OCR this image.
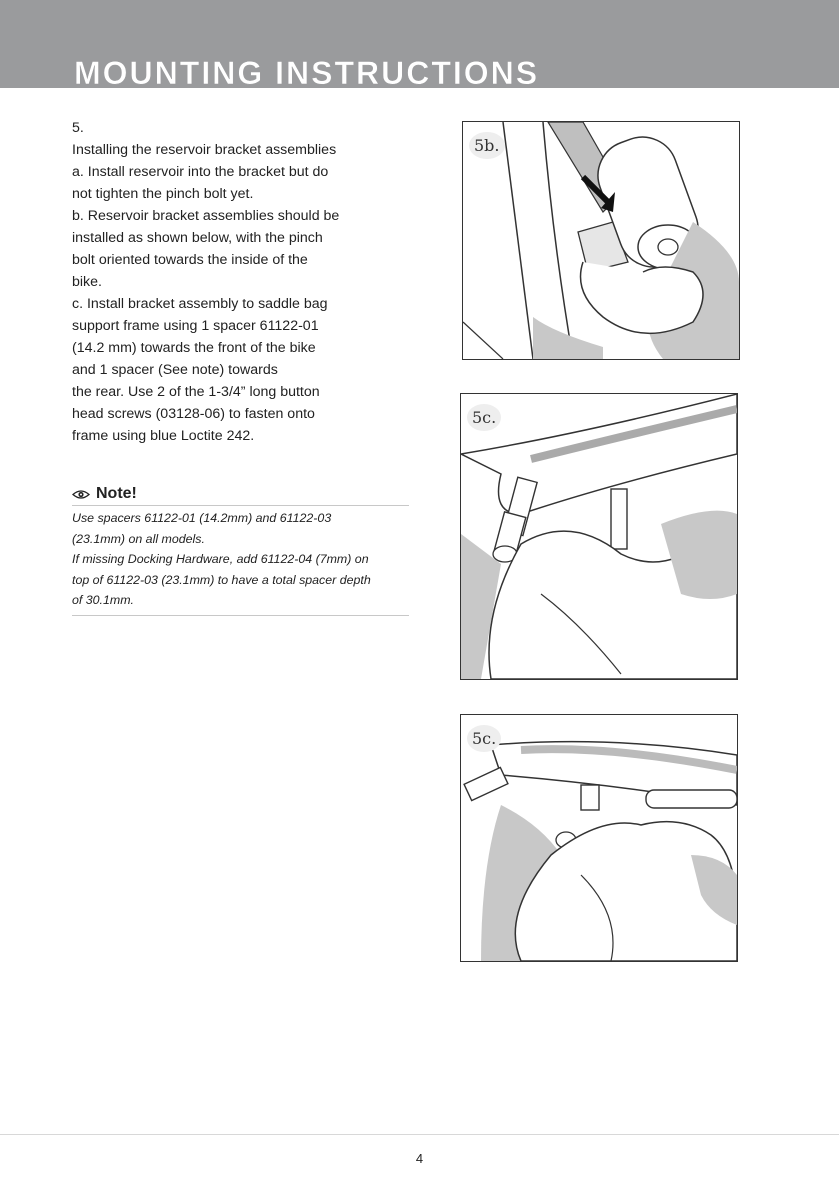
MOUNTING INSTRUCTIONS
5.
Installing the reservoir bracket assemblies
a. Install reservoir into the bracket but do
not tighten the pinch bolt yet.
b. Reservoir bracket assemblies should be
installed as shown below, with the pinch
bolt oriented towards the inside of the
bike.
c. Install bracket assembly to saddle bag
support frame using 1 spacer 61122-01
(14.2 mm) towards the front of the bike
and 1 spacer (See note) towards
the rear. Use 2 of the 1-3/4” long button
head screws (03128-06) to fasten onto
frame using blue Loctite 242.
Note!
Use spacers 61122-01 (14.2mm) and 61122-03
(23.1mm) on all models.
If missing Docking Hardware, add 61122-04 (7mm) on
top of 61122-03 (23.1mm) to have a total spacer depth
of 30.1mm.
5b.
5c.
5c.
4
